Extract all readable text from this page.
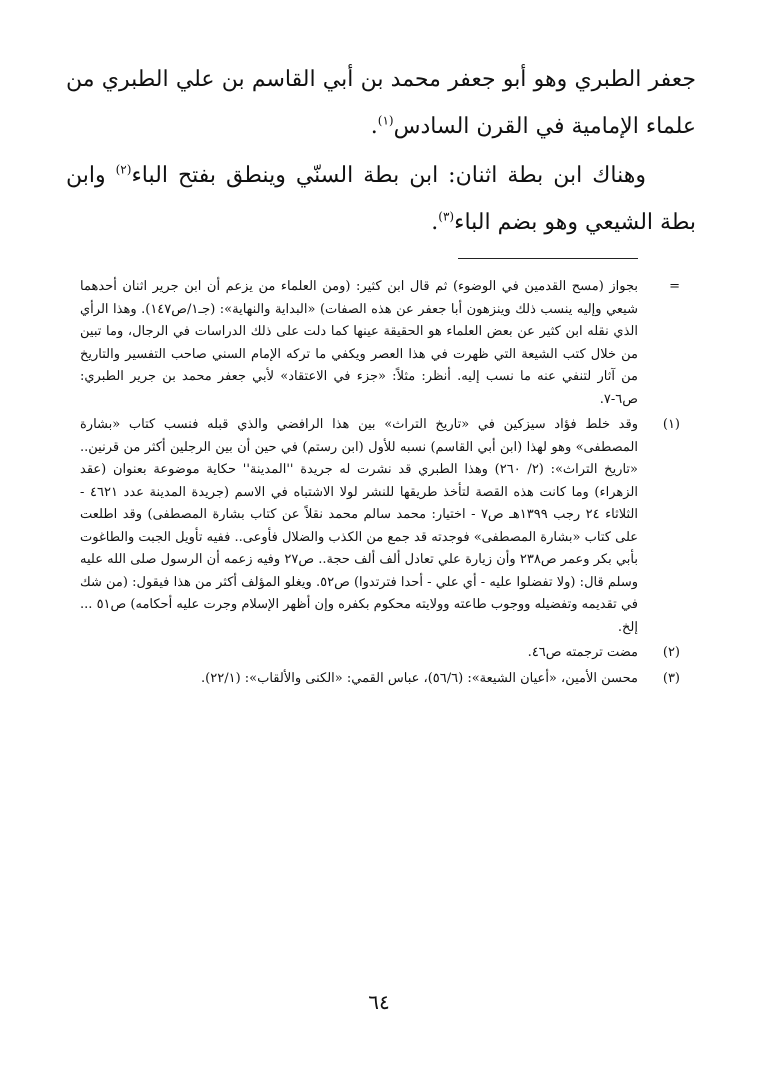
جعفر الطبري وهو أبو جعفر محمد بن أبي القاسم بن علي الطبري من علماء الإمامية في القرن السادس$^{(١)}$.

وهناك ابن بطة اثنان: ابن بطة السنّي وينطق بفتح الباء$^{(٢)}$ وابن بطة الشيعي وهو بضم الباء$^{(٣)}$.

=
بجواز (مسح القدمين في الوضوء) ثم قال ابن كثير: (ومن العلماء من يزعم أن ابن جرير اثنان أحدهما شيعي وإليه ينسب ذلك وينزهون أبا جعفر عن هذه الصفات) «البداية والنهاية»: (جـ١/ص١٤٧). وهذا الرأي الذي نقله ابن كثير عن بعض العلماء هو الحقيقة عينها كما دلت على ذلك الدراسات في الرجال، وما تبين من خلال كتب الشيعة التي ظهرت في هذا العصر ويكفي ما تركه الإمام السني صاحب التفسير والتاريخ من آثار لتنفي عنه ما نسب إليه. أنظر: مثلاً: «جزء في الاعتقاد» لأبي جعفر محمد بن جرير الطبري: ص٦-٧.
(١)
وقد خلط فؤاد سيزكين في «تاريخ التراث» بين هذا الرافضي والذي قبله فنسب كتاب «بشارة المصطفى» وهو لهذا (ابن أبي القاسم) نسبه للأول (ابن رستم) في حين أن بين الرجلين أكثر من قرنين.. «تاريخ التراث»: (٢/ ٢٦٠) وهذا الطبري قد نشرت له جريدة ''المدينة'' حكاية موضوعة بعنوان (عقد الزهراء) وما كانت هذه القصة لتأخذ طريقها للنشر لولا الاشتباه في الاسم (جريدة المدينة عدد ٤٦٢١ - الثلاثاء ٢٤ رجب ١٣٩٩هـ ص٧ - اختيار: محمد سالم محمد نقلاً عن كتاب بشارة المصطفى) وقد اطلعت على كتاب «بشارة المصطفى» فوجدته قد جمع من الكذب والضلال فأوعى.. ففيه تأويل الجبت والطاغوت بأبي بكر وعمر ص٢٣٨ وأن زيارة علي تعادل ألف ألف حجة.. ص٢٧ وفيه زعمه أن الرسول صلى الله عليه وسلم قال: (ولا تفضلوا عليه - أي علي - أحدا فترتدوا) ص٥٢. ويغلو المؤلف أكثر من هذا فيقول: (من شك في تقديمه وتفضيله ووجوب طاعته وولايته محكوم بكفره وإن أظهر الإسلام وجرت عليه أحكامه) ص٥١ ... إلخ.
(٢)
مضت ترجمته ص٤٦.
(٣)
محسن الأمين، «أعيان الشيعة»: (٥٦/٦)، عباس القمي: «الكنى والألقاب»: (٢٢/١).
٦٤
